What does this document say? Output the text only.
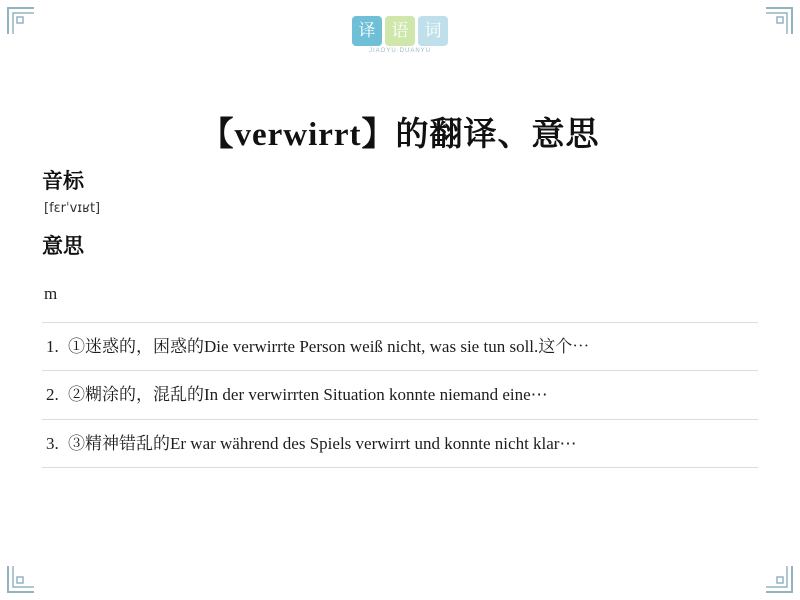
译 语 词
JIAOYU·DUANYU
【verwirrt】的翻译、意思
音标
[fɛrˈvɪʁt]
意思
m
1. ①迷惑的，困惑的Die verwirrte Person weiß nicht, was sie tun soll.这个⋯
2. ②糊涂的，混乱的In der verwirrten Situation konnte niemand eine⋯
3. ③精神错乱的Er war während des Spiels verwirrt und konnte nicht klar⋯
